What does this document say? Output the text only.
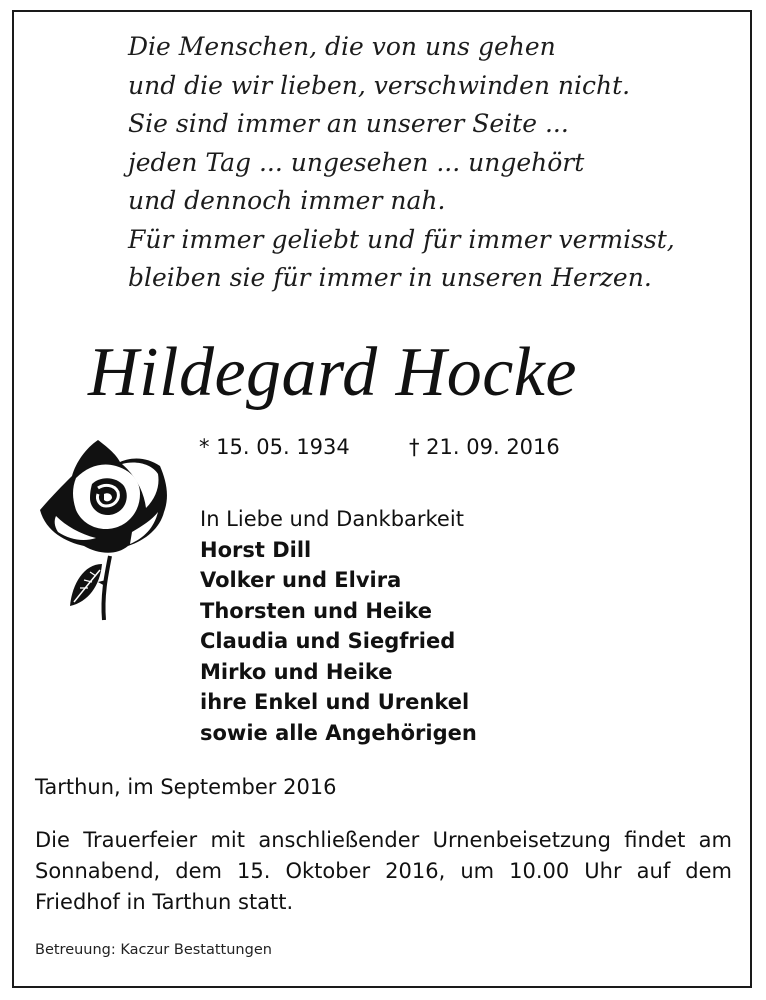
Die Menschen, die von uns gehen
und die wir lieben, verschwinden nicht.
Sie sind immer an unserer Seite ...
jeden Tag ... ungesehen ... ungehört
und dennoch immer nah.
Für immer geliebt und für immer vermisst,
bleiben sie für immer in unseren Herzen.
Hildegard Hocke
* 15. 05. 1934	† 21. 09. 2016
In Liebe und Dankbarkeit
Horst Dill
Volker und Elvira
Thorsten und Heike
Claudia und Siegfried
Mirko und Heike
ihre Enkel und Urenkel
sowie alle Angehörigen
Tarthun, im September 2016
Die Trauerfeier mit anschließender Urnenbeisetzung findet am Sonnabend, dem 15. Oktober 2016, um 10.00 Uhr auf dem Friedhof in Tarthun statt.
Betreuung: Kaczur Bestattungen
